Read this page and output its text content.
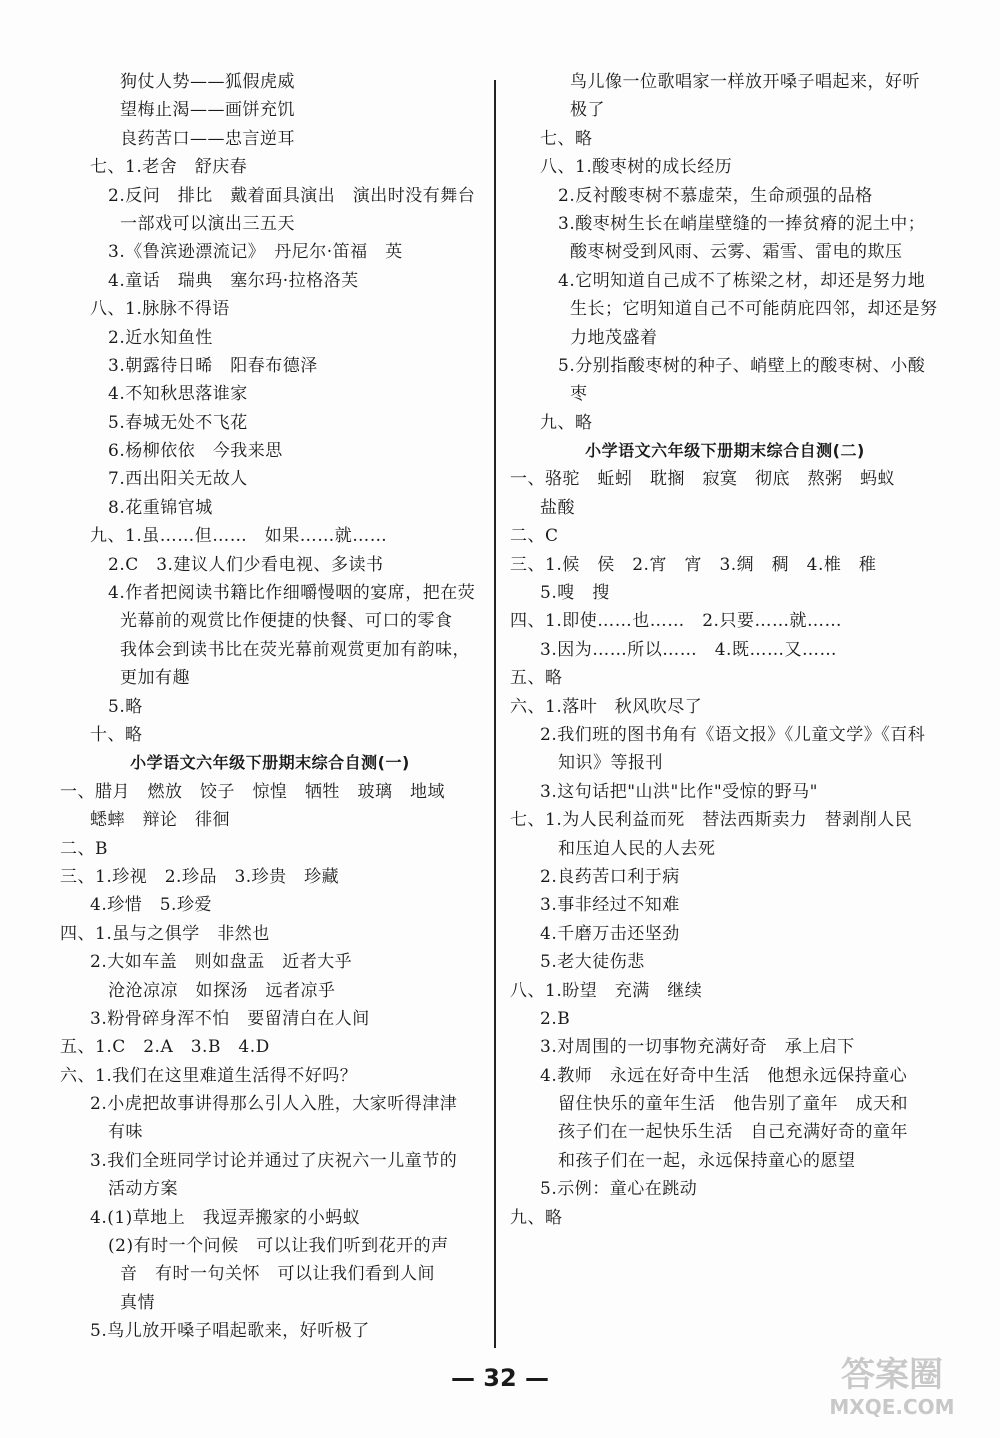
狗仗人势——狐假虎威
望梅止渴——画饼充饥
良药苦口——忠言逆耳
七、1.老舍　舒庆春
2.反问　排比　戴着面具演出　演出时没有舞台
一部戏可以演出三五天
3.《鲁滨逊漂流记》　丹尼尔·笛福　英
4.童话　瑞典　塞尔玛·拉格洛芙
八、1.脉脉不得语
2.近水知鱼性
3.朝露待日晞　阳春布德泽
4.不知秋思落谁家
5.春城无处不飞花
6.杨柳依依　今我来思
7.西出阳关无故人
8.花重锦官城
九、1.虽……但……　如果……就……
2.C　3.建议人们少看电视、多读书
4.作者把阅读书籍比作细嚼慢咽的宴席，把在荧
光幕前的观赏比作便捷的快餐、可口的零食
我体会到读书比在荧光幕前观赏更加有韵味，
更加有趣
5.略
十、略
小学语文六年级下册期末综合自测(一)
一、腊月　燃放　饺子　惊惶　牺牲　玻璃　地域
蟋蟀　辩论　徘徊
二、B
三、1.珍视　2.珍品　3.珍贵　珍藏
4.珍惜　5.珍爱
四、1.虽与之俱学　非然也
2.大如车盖　则如盘盂　近者大乎
沧沧凉凉　如探汤　远者凉乎
3.粉骨碎身浑不怕　要留清白在人间
五、1.C　2.A　3.B　4.D
六、1.我们在这里难道生活得不好吗？
2.小虎把故事讲得那么引人入胜，大家听得津津
有味
3.我们全班同学讨论并通过了庆祝六一儿童节的
活动方案
4.(1)草地上　我逗弄搬家的小蚂蚁
(2)有时一个问候　可以让我们听到花开的声
音　有时一句关怀　可以让我们看到人间
真情
5.鸟儿放开嗓子唱起歌来，好听极了
鸟儿像一位歌唱家一样放开嗓子唱起来，好听
极了
七、略
八、1.酸枣树的成长经历
2.反衬酸枣树不慕虚荣，生命顽强的品格
3.酸枣树生长在峭崖壁缝的一捧贫瘠的泥土中；
酸枣树受到风雨、云雾、霜雪、雷电的欺压
4.它明知道自己成不了栋梁之材，却还是努力地
生长；它明知道自己不可能荫庇四邻，却还是努
力地茂盛着
5.分别指酸枣树的种子、峭壁上的酸枣树、小酸
枣
九、略
小学语文六年级下册期末综合自测(二)
一、骆驼　蚯蚓　耽搁　寂寞　彻底　熬粥　蚂蚁
盐酸
二、C
三、1.候　侯　2.宵　宵　3.绸　稠　4.椎　稚
5.嗖　搜
四、1.即使……也……　2.只要……就……
3.因为……所以……　4.既……又……
五、略
六、1.落叶　秋风吹尽了
2.我们班的图书角有《语文报》《儿童文学》《百科
知识》等报刊
3.这句话把"山洪"比作"受惊的野马"
七、1.为人民利益而死　替法西斯卖力　替剥削人民
和压迫人民的人去死
2.良药苦口利于病
3.事非经过不知难
4.千磨万击还坚劲
5.老大徒伤悲
八、1.盼望　充满　继续
2.B
3.对周围的一切事物充满好奇　承上启下
4.教师　永远在好奇中生活　他想永远保持童心
留住快乐的童年生活　他告别了童年　成天和
孩子们在一起快乐生活　自己充满好奇的童年
和孩子们在一起，永远保持童心的愿望
5.示例：童心在跳动
九、略
— 32 —	答案圈
MXQE.COM
